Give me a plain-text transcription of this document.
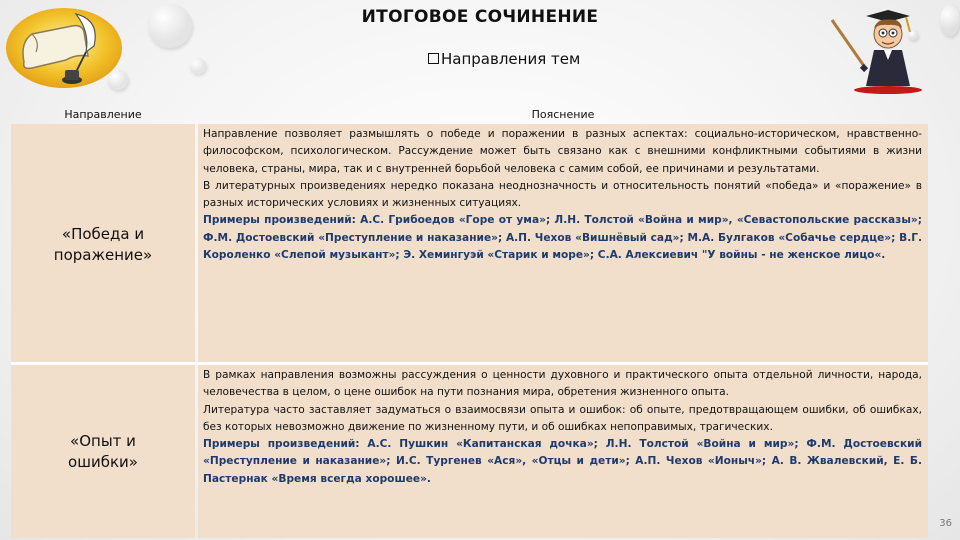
ИТОГОВОЕ СОЧИНЕНИЕ
Направления тем
Направление	Пояснение
«Победа и поражение»

Направление позволяет размышлять о победе и поражении в разных аспектах: социально-историческом, нравственно-философском, психологическом. Рассуждение может быть связано как с внешними конфликтными событиями в жизни человека, страны, мира, так и с внутренней борьбой человека с самим собой, ее причинами и результатами.

В литературных произведениях нередко показана неоднозначность и относительность понятий «победа» и «поражение» в разных исторических условиях и жизненных ситуациях.

Примеры произведений: А.С. Грибоедов «Горе от ума»; Л.Н. Толстой «Война и мир», «Севастопольские рассказы»; Ф.М. Достоевский «Преступление и наказание»; А.П. Чехов «Вишнёвый сад»; М.А. Булгаков «Собачье сердце»; В.Г. Короленко «Слепой музыкант»; Э. Хемингуэй «Старик и море»; С.А. Алексиевич "У войны - не женское лицо«.

«Опыт и ошибки»

В рамках направления возможны рассуждения о ценности духовного и практического опыта отдельной личности, народа, человечества в целом, о цене ошибок на пути познания мира, обретения жизненного опыта.

Литература часто заставляет задуматься о взаимосвязи опыта и ошибок: об опыте, предотвращающем ошибки, об ошибках, без которых невозможно движение по жизненному пути, и об ошибках непоправимых, трагических.

Примеры произведений: А.С. Пушкин «Капитанская дочка»; Л.Н. Толстой «Война и мир»; Ф.М. Достоевский «Преступление и наказание»; И.С. Тургенев «Ася», «Отцы и дети»; А.П. Чехов «Ионыч»; А. В. Жвалевский, Е. Б. Пастернак «Время всегда хорошее».

36
